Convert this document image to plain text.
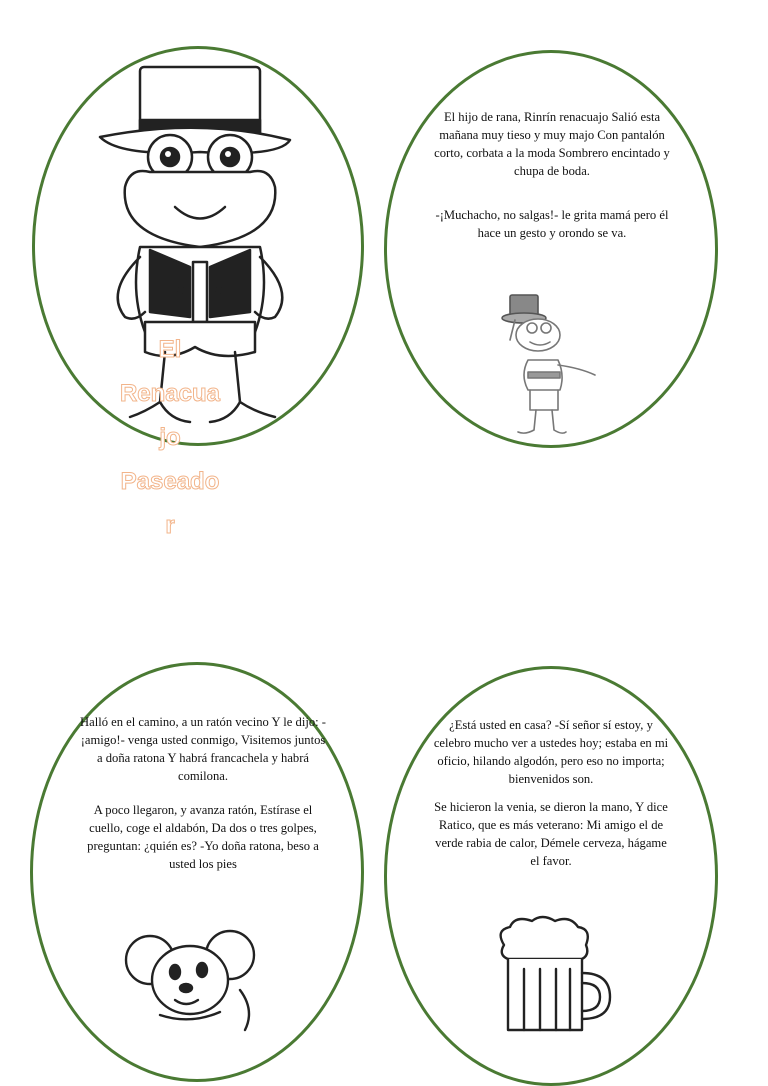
El
Renacua
jo
Paseado
r

El hijo de rana, Rinrín renacuajo Salió esta mañana muy tieso y muy majo Con pantalón corto, corbata a la moda Sombrero encintado y chupa de boda.

-¡Muchacho, no salgas!- le grita mamá pero él hace un gesto y orondo se va.

Halló en el camino, a un ratón vecino Y le dijo: -¡amigo!- venga usted conmigo, Visitemos juntos a doña ratona Y habrá francachela y habrá comilona.

A poco llegaron, y avanza ratón, Estírase el cuello, coge el aldabón, Da dos o tres golpes, preguntan: ¿quién es? -Yo doña ratona, beso a usted los pies

¿Está usted en casa? -Sí señor sí estoy, y celebro mucho ver a ustedes hoy; estaba en mi oficio, hilando algodón, pero eso no importa; bienvenidos son.

Se hicieron la venia, se dieron la mano, Y dice Ratico, que es más veterano: Mi amigo el de verde rabia de calor, Démele cerveza, hágame el favor.
